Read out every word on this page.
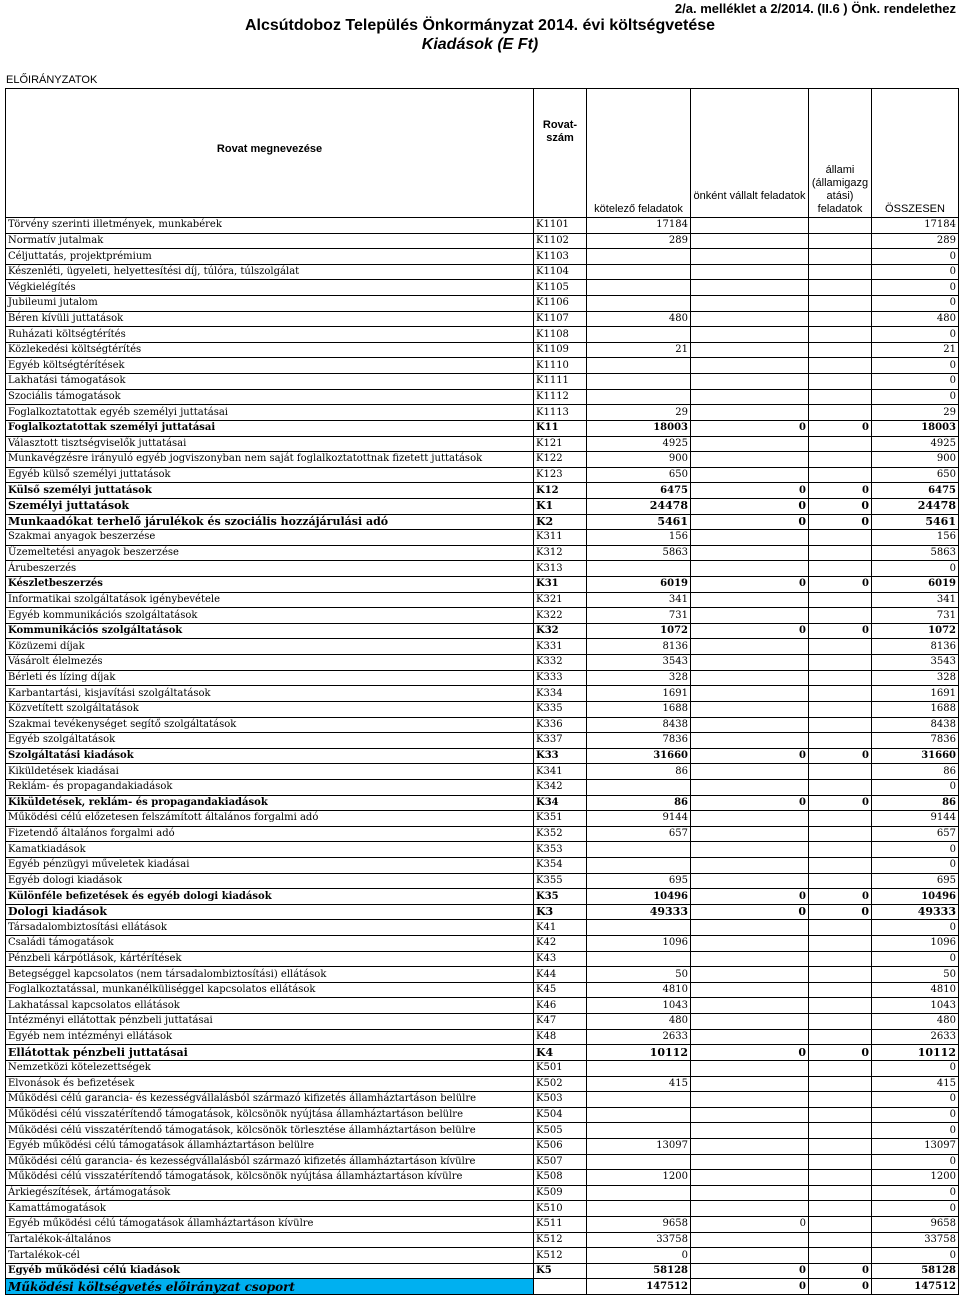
2/a. melléklet a 2/2014. (II.6 ) Önk. rendelethez
Alcsútdoboz Település Önkormányzat 2014. évi költségvetése
Kiadások (E Ft)
ELŐIRÁNYZATOK
Rovat megnevezése	Rovat- szám	kötelező feladatok	önként vállalt feladatok	állami (államigazg atási) feladatok	ÖSSZESEN
Törvény szerinti illetmények, munkabérek	K1101	17184			17184
Normatív jutalmak	K1102	289			289
Céljuttatás, projektprémium	K1103				0
Készenléti, ügyeleti, helyettesítési díj, túlóra, túlszolgálat	K1104				0
Végkielégítés	K1105				0
Jubileumi jutalom	K1106				0
Béren kívüli juttatások	K1107	480			480
Ruházati költségtérítés	K1108				0
Közlekedési költségtérítés	K1109	21			21
Egyéb költségtérítések	K1110				0
Lakhatási támogatások	K1111				0
Szociális támogatások	K1112				0
Foglalkoztatottak egyéb személyi juttatásai	K1113	29			29
Foglalkoztatottak személyi juttatásai	K11	18003	0	0	18003
Választott tisztségviselők juttatásai	K121	4925			4925
Munkavégzésre irányuló egyéb jogviszonyban nem saját foglalkoztatottnak fizetett juttatások	K122	900			900
Egyéb külső személyi juttatások	K123	650			650
Külső személyi juttatások	K12	6475	0	0	6475
Személyi juttatások	K1	24478	0	0	24478
Munkaadókat terhelő járulékok és szociális hozzájárulási adó	K2	5461	0	0	5461
Szakmai anyagok beszerzése	K311	156			156
Üzemeltetési anyagok beszerzése	K312	5863			5863
Árubeszerzés	K313				0
Készletbeszerzés	K31	6019	0	0	6019
Informatikai szolgáltatások igénybevétele	K321	341			341
Egyéb kommunikációs szolgáltatások	K322	731			731
Kommunikációs szolgáltatások	K32	1072	0	0	1072
Közüzemi díjak	K331	8136			8136
Vásárolt élelmezés	K332	3543			3543
Bérleti és lízing díjak	K333	328			328
Karbantartási, kisjavítási szolgáltatások	K334	1691			1691
Közvetített szolgáltatások	K335	1688			1688
Szakmai tevékenységet segítő szolgáltatások	K336	8438			8438
Egyéb szolgáltatások	K337	7836			7836
Szolgáltatási kiadások	K33	31660	0	0	31660
Kiküldetések kiadásai	K341	86			86
Reklám- és propagandakiadások	K342				0
Kiküldetések, reklám- és propagandakiadások	K34	86	0	0	86
Működési célú előzetesen felszámított általános forgalmi adó	K351	9144			9144
Fizetendő általános forgalmi adó	K352	657			657
Kamatkiadások	K353				0
Egyéb pénzügyi műveletek kiadásai	K354				0
Egyéb dologi kiadások	K355	695			695
Különféle befizetések és egyéb dologi kiadások	K35	10496	0	0	10496
Dologi kiadások	K3	49333	0	0	49333
Társadalombiztosítási ellátások	K41				0
Családi támogatások	K42	1096			1096
Pénzbeli kárpótlások, kártérítések	K43				0
Betegséggel kapcsolatos (nem társadalombiztosítási) ellátások	K44	50			50
Foglalkoztatással, munkanélküliséggel kapcsolatos ellátások	K45	4810			4810
Lakhatással kapcsolatos ellátások	K46	1043			1043
Intézményi ellátottak pénzbeli juttatásai	K47	480			480
Egyéb nem intézményi ellátások	K48	2633			2633
Ellátottak pénzbeli juttatásai	K4	10112	0	0	10112
Nemzetközi kötelezettségek	K501				0
Elvonások és befizetések	K502	415			415
Működési célú garancia- és kezességvállalásból származó kifizetés államháztartáson belülre	K503				0
Működési célú visszatérítendő támogatások, kölcsönök nyújtása államháztartáson belülre	K504				0
Működési célú visszatérítendő támogatások, kölcsönök törlesztése államháztartáson belülre	K505				0
Egyéb működési célú támogatások államháztartáson belülre	K506	13097			13097
Működési célú garancia- és kezességvállalásból származó kifizetés államháztartáson kívülre	K507				0
Működési célú visszatérítendő támogatások, kölcsönök nyújtása államháztartáson kívülre	K508	1200			1200
Árkiegészítések, ártámogatások	K509				0
Kamattámogatások	K510				0
Egyéb működési célú támogatások államháztartáson kívülre	K511	9658	0		9658
Tartalékok-általános	K512	33758			33758
Tartalékok-cél	K512	0			0
Egyéb működési célú kiadások	K5	58128	0	0	58128
Működési költségvetés előirányzat csoport		147512	0	0	147512
